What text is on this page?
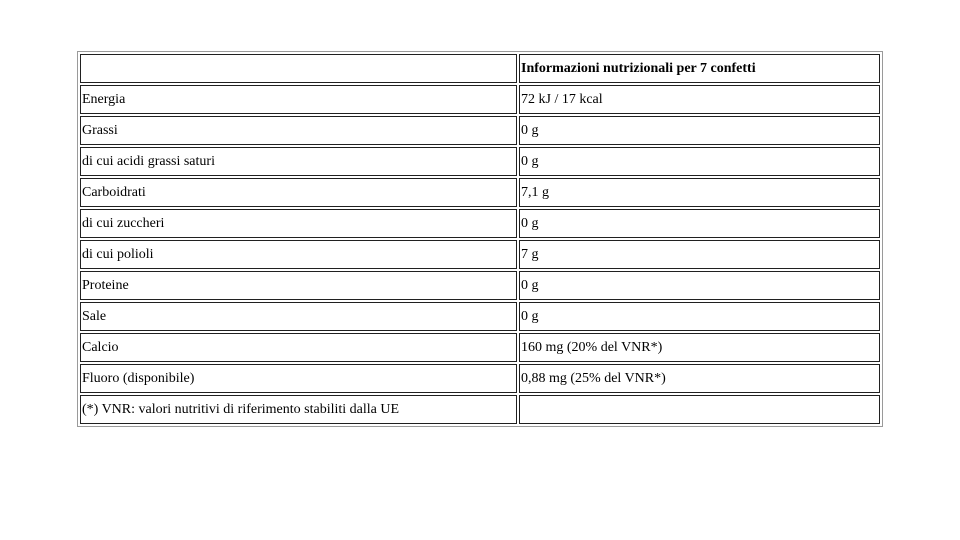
	Informazioni nutrizionali per 7 confetti
Energia	72 kJ / 17 kcal
Grassi	0 g
di cui acidi grassi saturi	0 g
Carboidrati	7,1 g
di cui zuccheri	0 g
di cui polioli	7 g
Proteine	0 g
Sale	0 g
Calcio	160 mg (20% del VNR*)
Fluoro (disponibile)	0,88 mg (25% del VNR*)
(*) VNR: valori nutritivi di riferimento stabiliti dalla UE	
